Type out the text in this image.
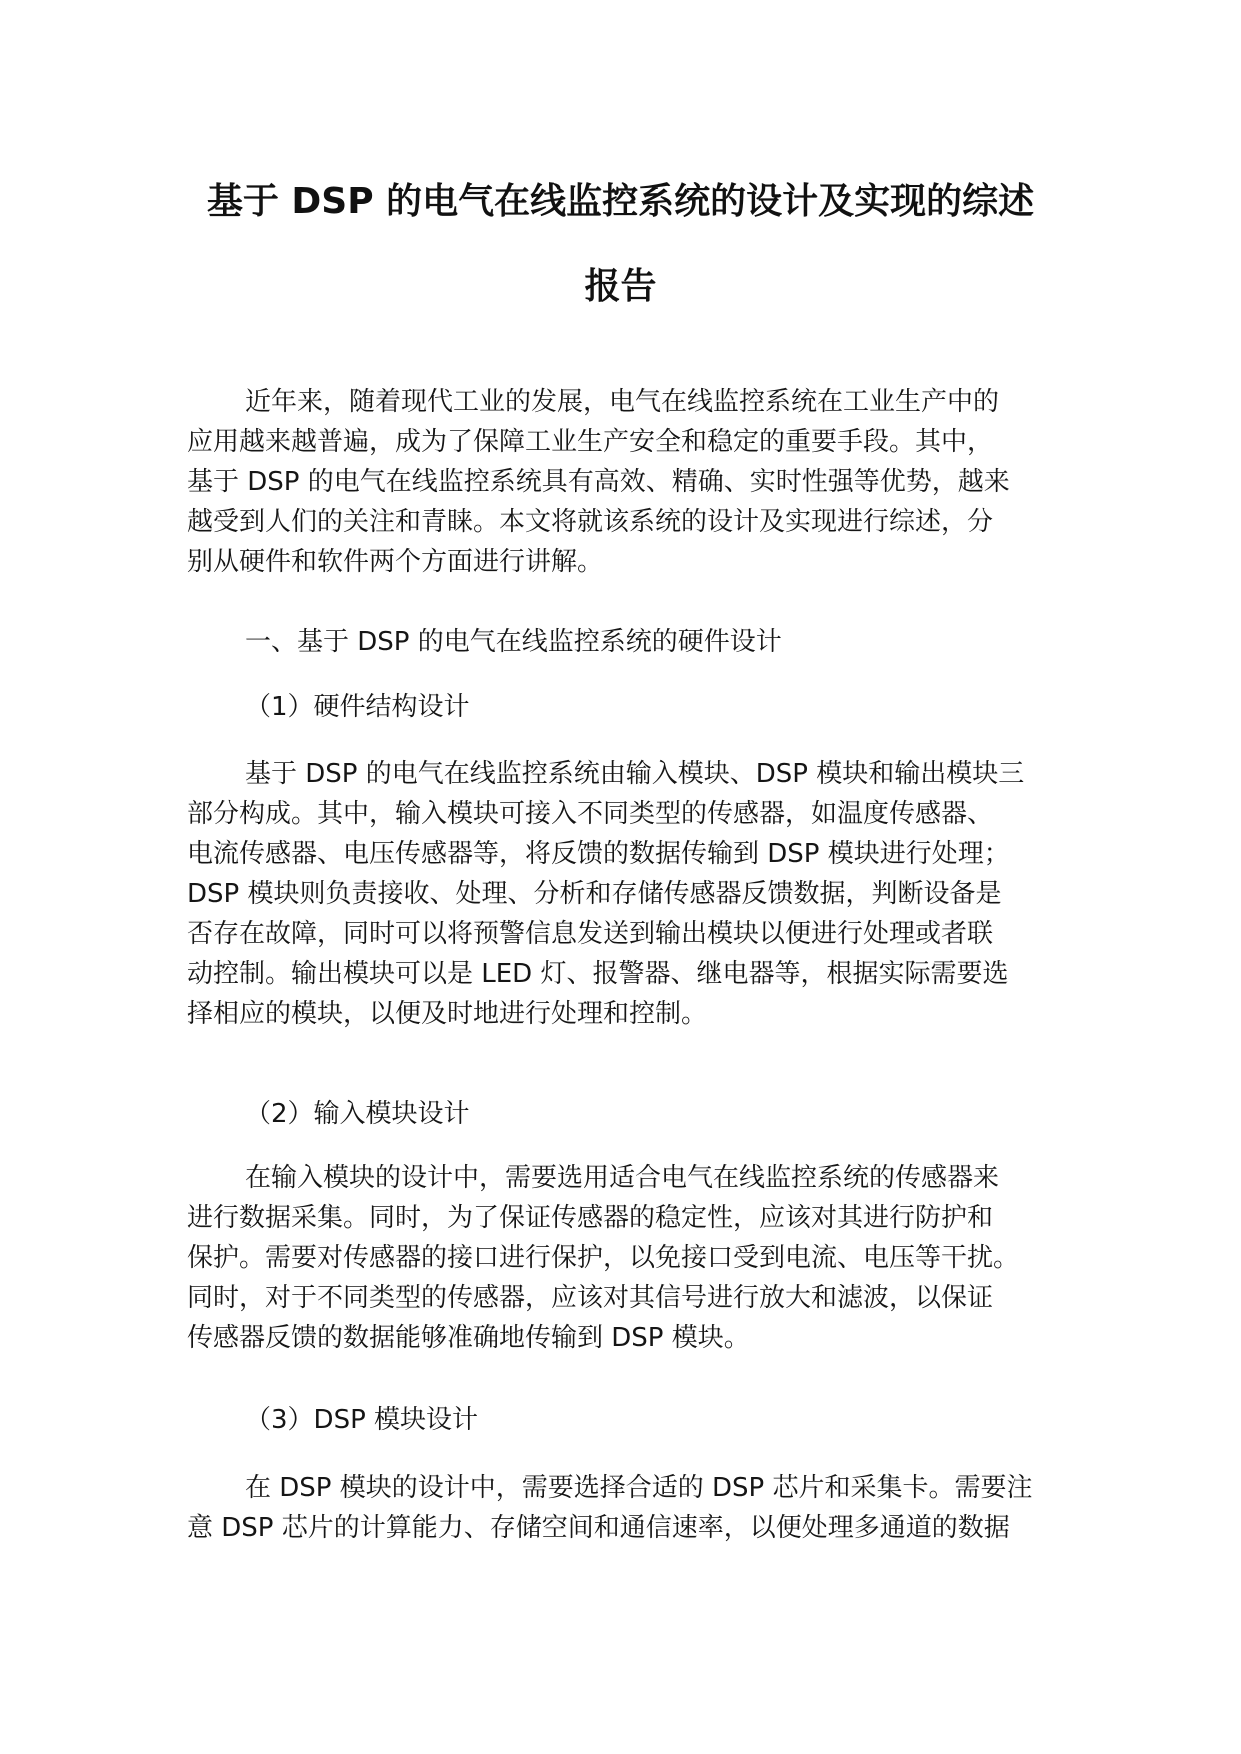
基于 DSP 的电气在线监控系统的设计及实现的综述
报告
近年来，随着现代工业的发展，电气在线监控系统在工业生产中的
应用越来越普遍，成为了保障工业生产安全和稳定的重要手段。其中，
基于 DSP 的电气在线监控系统具有高效、精确、实时性强等优势，越来
越受到人们的关注和青睐。本文将就该系统的设计及实现进行综述，分
别从硬件和软件两个方面进行讲解。
一、基于 DSP 的电气在线监控系统的硬件设计
（1）硬件结构设计
基于 DSP 的电气在线监控系统由输入模块、DSP 模块和输出模块三
部分构成。其中，输入模块可接入不同类型的传感器，如温度传感器、
电流传感器、电压传感器等，将反馈的数据传输到 DSP 模块进行处理；
DSP 模块则负责接收、处理、分析和存储传感器反馈数据，判断设备是
否存在故障，同时可以将预警信息发送到输出模块以便进行处理或者联
动控制。输出模块可以是 LED 灯、报警器、继电器等，根据实际需要选
择相应的模块，以便及时地进行处理和控制。
（2）输入模块设计
在输入模块的设计中，需要选用适合电气在线监控系统的传感器来
进行数据采集。同时，为了保证传感器的稳定性，应该对其进行防护和
保护。需要对传感器的接口进行保护，以免接口受到电流、电压等干扰。
同时，对于不同类型的传感器，应该对其信号进行放大和滤波，以保证
传感器反馈的数据能够准确地传输到 DSP 模块。
（3）DSP 模块设计
在 DSP 模块的设计中，需要选择合适的 DSP 芯片和采集卡。需要注
意 DSP 芯片的计算能力、存储空间和通信速率，以便处理多通道的数据
